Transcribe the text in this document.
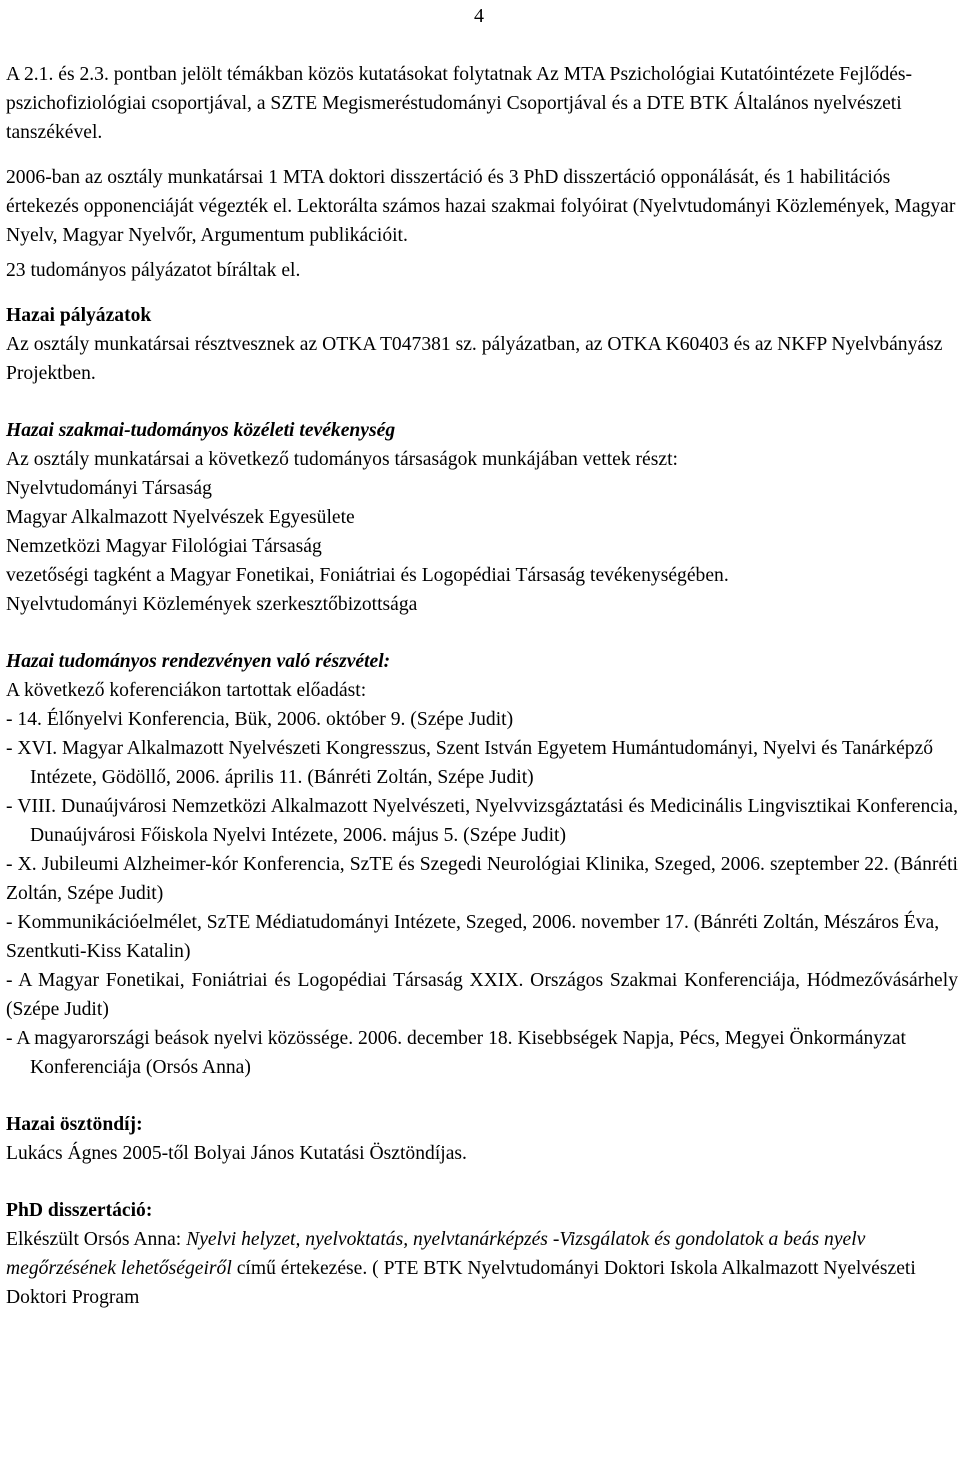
4

A 2.1. és 2.3. pontban jelölt témákban közös kutatásokat folytatnak Az MTA Pszichológiai Kutatóintézete Fejlődés-pszichofiziológiai csoportjával, a SZTE Megismeréstudományi Csoportjával és a DTE BTK Általános nyelvészeti tanszékével.

2006-ban az osztály munkatársai 1 MTA doktori disszertáció és 3 PhD disszertáció opponálását, és 1 habilitációs értekezés opponenciáját végezték el. Lektorálta számos hazai szakmai folyóirat (Nyelvtudományi Közlemények, Magyar Nyelv, Magyar Nyelvőr, Argumentum publikációit.

23 tudományos pályázatot bíráltak el.

Hazai pályázatok

Az osztály munkatársai résztvesznek az OTKA T047381 sz. pályázatban, az OTKA K60403 és az NKFP Nyelvbányász Projektben.

Hazai szakmai-tudományos közéleti tevékenység

Az osztály munkatársai a következő tudományos társaságok munkájában vettek részt:

Nyelvtudományi Társaság

Magyar Alkalmazott Nyelvészek Egyesülete

Nemzetközi Magyar Filológiai Társaság

vezetőségi tagként a Magyar Fonetikai, Foniátriai és Logopédiai Társaság tevékenységében.

Nyelvtudományi Közlemények szerkesztőbizottsága

Hazai tudományos rendezvényen való részvétel:

A következő koferenciákon tartottak előadást:

- 14. Élőnyelvi Konferencia, Bük, 2006. október 9. (Szépe Judit)

- XVI. Magyar Alkalmazott Nyelvészeti Kongresszus, Szent István Egyetem Humántudományi, Nyelvi és Tanárképző Intézete, Gödöllő, 2006. április 11. (Bánréti Zoltán, Szépe Judit)

- VIII. Dunaújvárosi Nemzetközi Alkalmazott Nyelvészeti, Nyelvvizsgáztatási és Medicinális Lingvisztikai Konferencia, Dunaújvárosi Főiskola Nyelvi Intézete, 2006. május 5. (Szépe Judit)

- X. Jubileumi Alzheimer-kór Konferencia, SzTE és Szegedi Neurológiai Klinika, Szeged, 2006. szeptember 22. (Bánréti Zoltán, Szépe Judit)

- Kommunikációelmélet, SzTE Médiatudományi Intézete, Szeged, 2006. november 17. (Bánréti Zoltán, Mészáros Éva, Szentkuti-Kiss Katalin)

- A Magyar Fonetikai, Foniátriai és Logopédiai Társaság XXIX. Országos Szakmai Konferenciája, Hódmezővásárhely (Szépe Judit)

- A magyarországi beások nyelvi közössége. 2006. december 18. Kisebbségek Napja, Pécs, Megyei Önkormányzat Konferenciája (Orsós Anna)

Hazai ösztöndíj:

Lukács Ágnes 2005-től Bolyai János Kutatási Ösztöndíjas.

PhD disszertáció:

Elkészült Orsós Anna: Nyelvi helyzet, nyelvoktatás, nyelvtanárképzés -Vizsgálatok és gondolatok a beás nyelv megőrzésének lehetőségeiről című értekezése. ( PTE BTK Nyelvtudományi Doktori Iskola Alkalmazott Nyelvészeti Doktori Program
